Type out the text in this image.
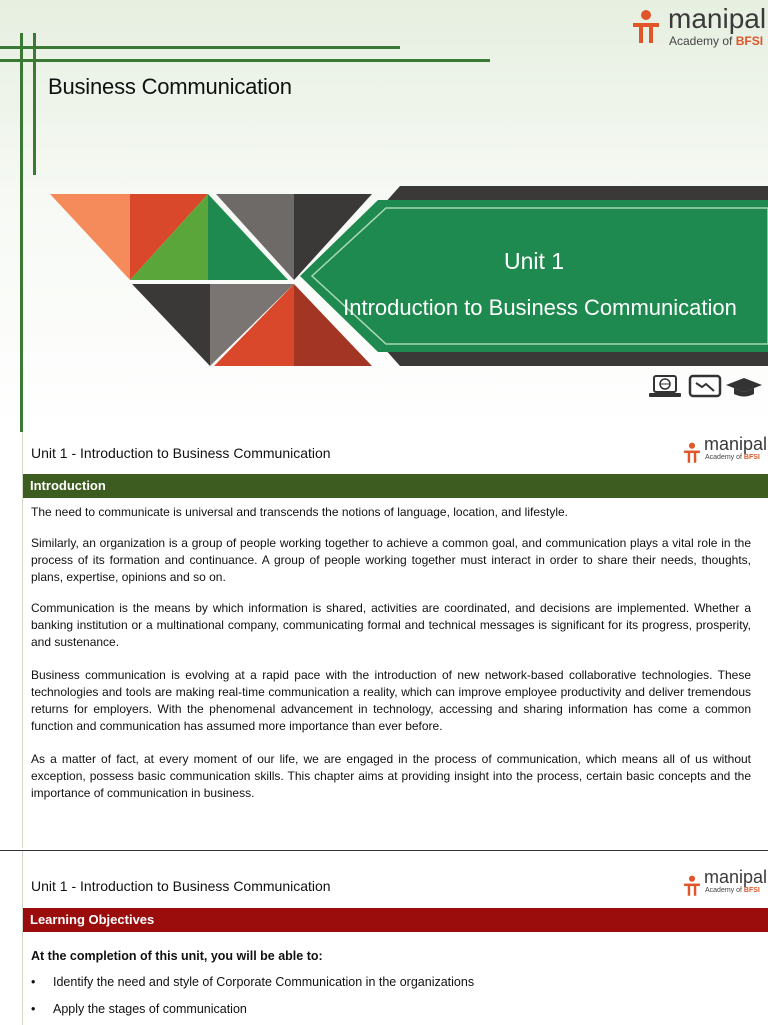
Business Communication
manipal
Academy of BFSI
Unit 1
Introduction to Business Communication
Unit 1 - Introduction to Business Communication	manipal
Academy of BFSI
Introduction

The need to communicate is universal and transcends the notions of language, location, and lifestyle.

Similarly, an organization is a group of people working together to achieve a common goal, and communication plays a vital role in the process of its formation and continuance. A group of people working together must interact in order to share their needs, thoughts, plans, expertise, opinions and so on.

Communication is the means by which information is shared, activities are coordinated, and decisions are implemented. Whether a banking institution or a multinational company, communicating formal and technical messages is significant for its progress, prosperity, and sustenance.

Business communication is evolving at a rapid pace with the introduction of new network-based collaborative technologies. These technologies and tools are making real-time communication a reality, which can improve employee productivity and deliver tremendous returns for employers. With the phenomenal advancement in technology, accessing and sharing information has come a common function and communication has assumed more importance than ever before.

As a matter of fact, at every moment of our life, we are engaged in the process of communication, which means all of us without exception, possess basic communication skills. This chapter aims at providing insight into the process, certain basic concepts and the importance of communication in business.

Unit 1 - Introduction to Business Communication	manipal
Academy of BFSI
Learning Objectives
At the completion of this unit, you will be able to:
• Identify the need and style of Corporate Communication in the organizations
• Apply the stages of communication
